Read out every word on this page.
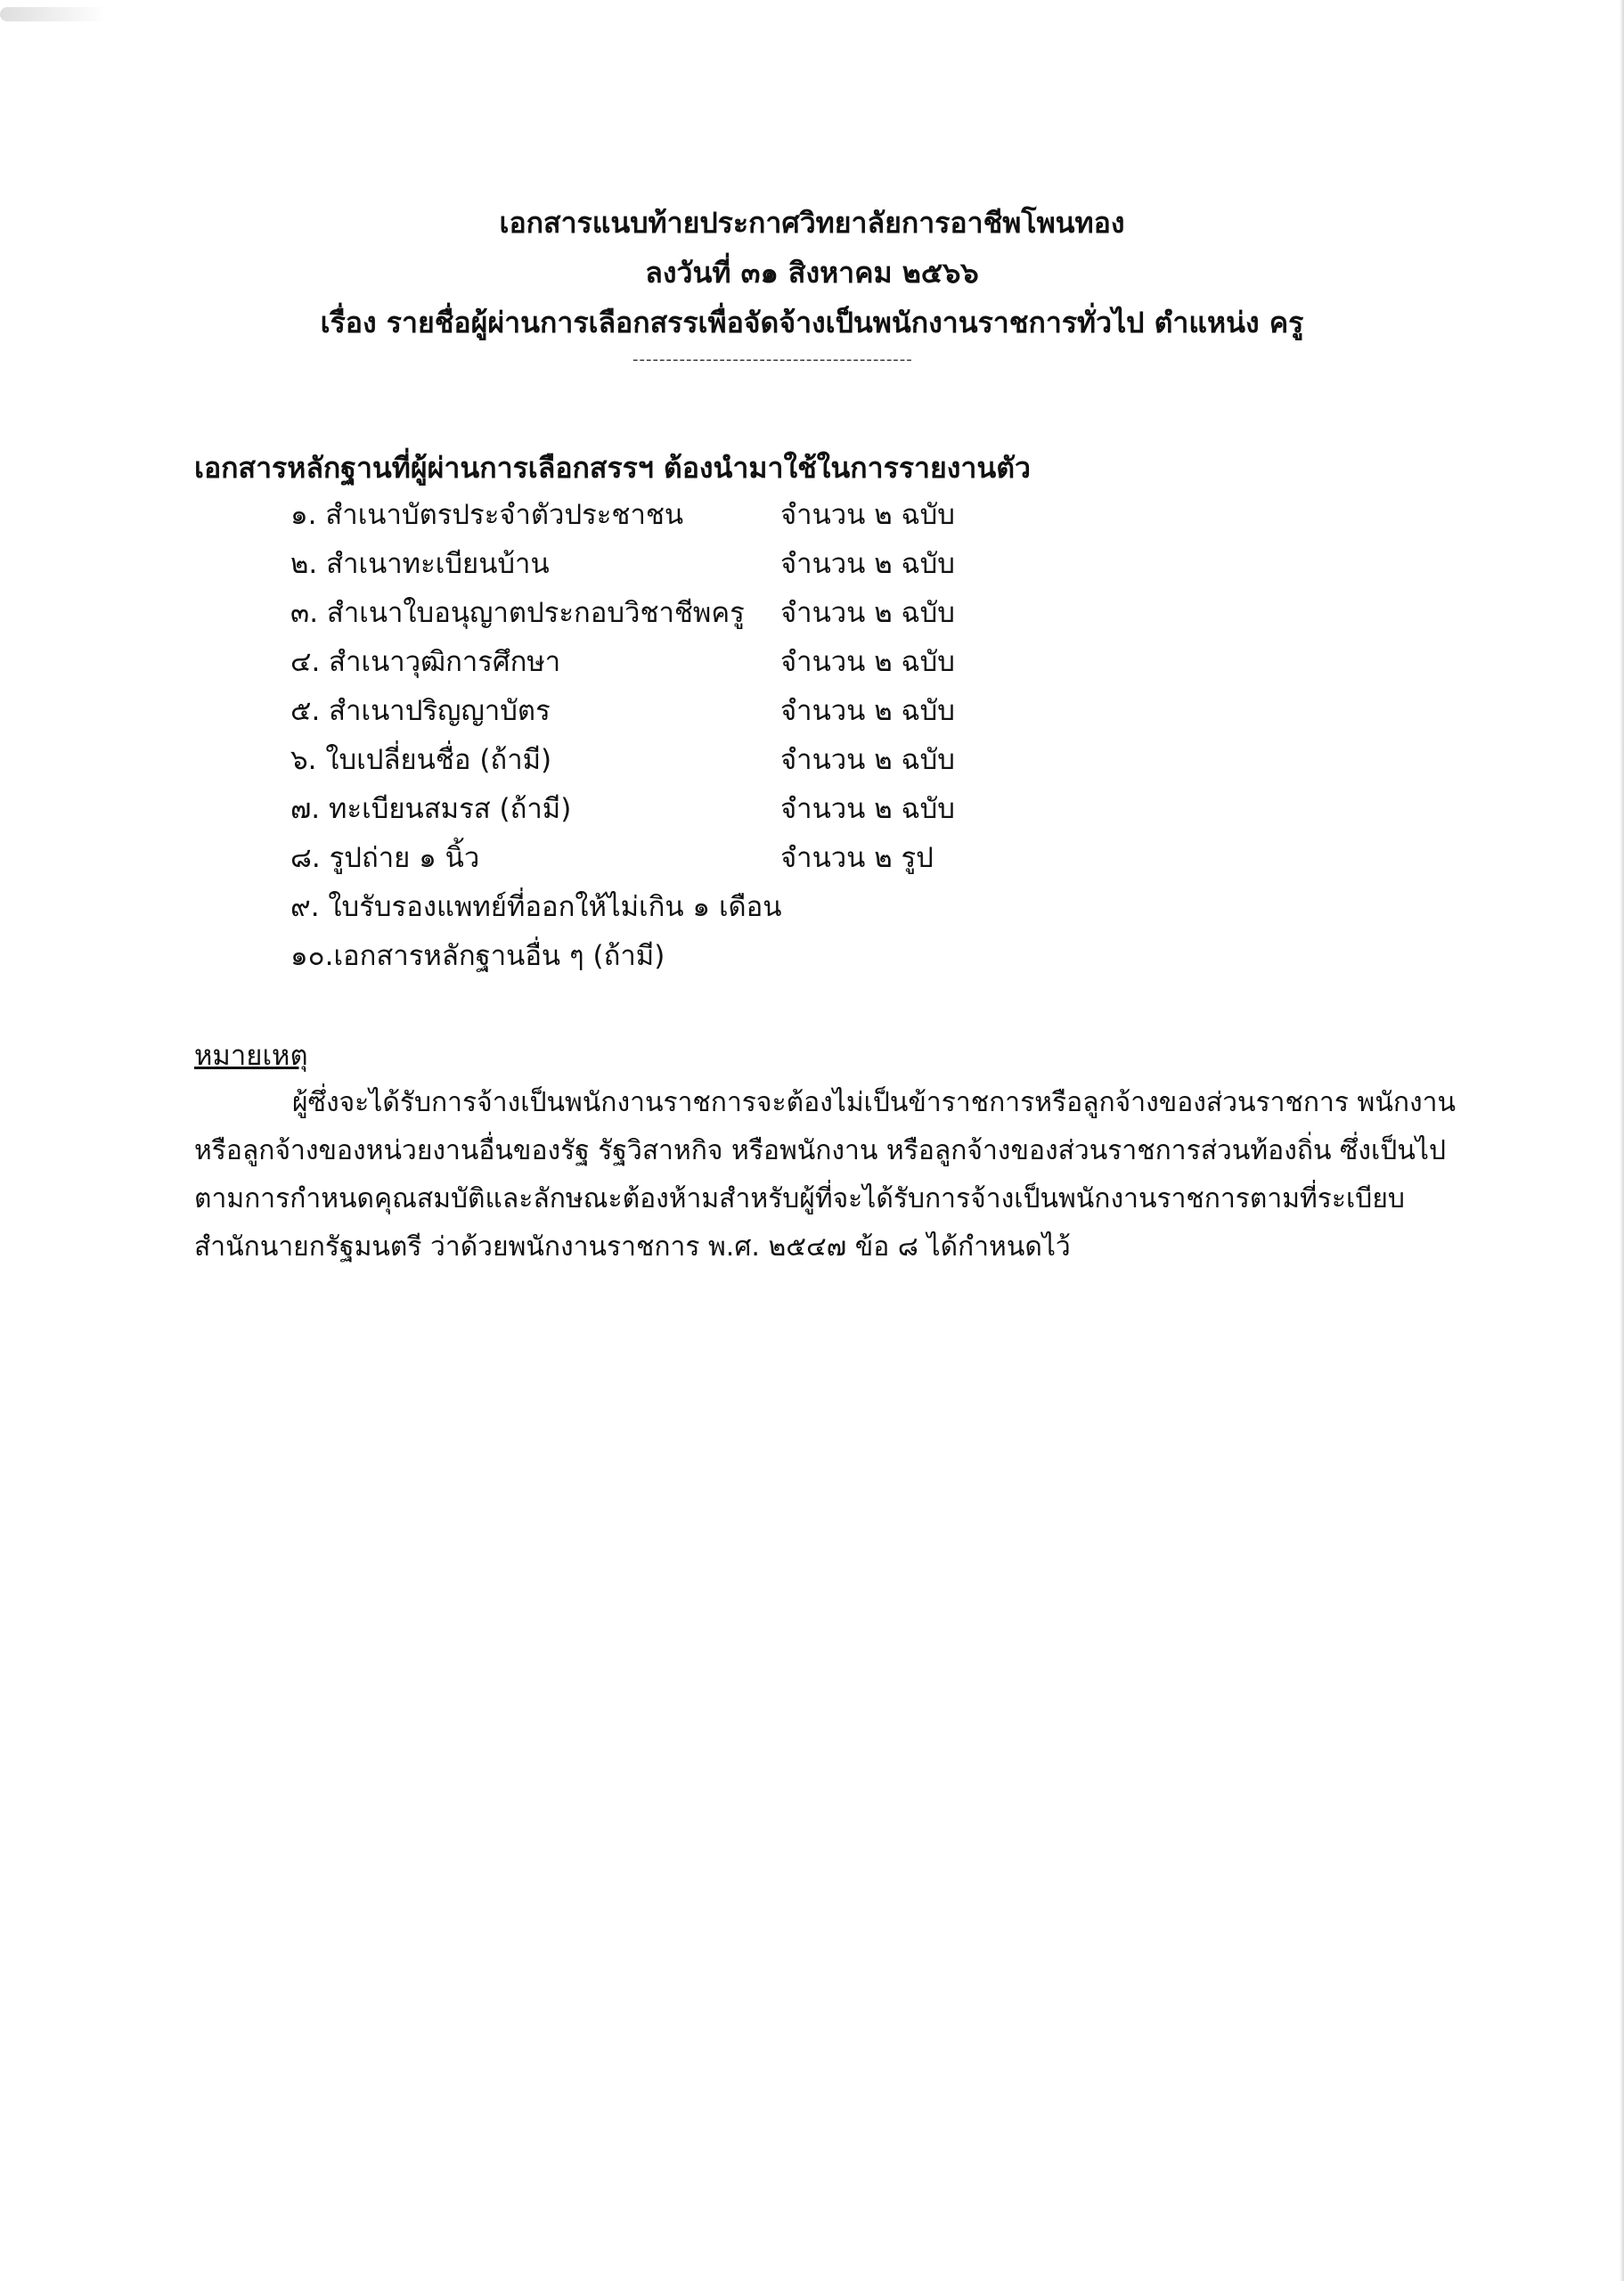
เอกสารแนบท้ายประกาศวิทยาลัยการอาชีพโพนทอง
ลงวันที่ ๓๑ สิงหาคม ๒๕๖๖
เรื่อง รายชื่อผู้ผ่านการเลือกสรรเพื่อจัดจ้างเป็นพนักงานราชการทั่วไป ตำแหน่ง ครู
------------------------------------------
เอกสารหลักฐานที่ผู้ผ่านการเลือกสรรฯ ต้องนำมาใช้ในการรายงานตัว
๑. สำเนาบัตรประจำตัวประชาชน	จำนวน ๒ ฉบับ
๒. สำเนาทะเบียนบ้าน	จำนวน ๒ ฉบับ
๓. สำเนาใบอนุญาตประกอบวิชาชีพครู จำนวน ๒ ฉบับ
๔. สำเนาวุฒิการศึกษา	จำนวน ๒ ฉบับ
๕. สำเนาปริญญาบัตร	จำนวน ๒ ฉบับ
๖. ใบเปลี่ยนชื่อ (ถ้ามี)	จำนวน ๒ ฉบับ
๗. ทะเบียนสมรส (ถ้ามี)	จำนวน ๒ ฉบับ
๘. รูปถ่าย ๑ นิ้ว	จำนวน ๒ รูป
๙. ใบรับรองแพทย์ที่ออกให้ไม่เกิน ๑ เดือน
๑๐.เอกสารหลักฐานอื่น ๆ (ถ้ามี)
หมายเหตุ
ผู้ซึ่งจะได้รับการจ้างเป็นพนักงานราชการจะต้องไม่เป็นข้าราชการหรือลูกจ้างของส่วนราชการ พนักงาน
หรือลูกจ้างของหน่วยงานอื่นของรัฐ รัฐวิสาหกิจ หรือพนักงาน หรือลูกจ้างของส่วนราชการส่วนท้องถิ่น ซึ่งเป็นไป
ตามการกำหนดคุณสมบัติและลักษณะต้องห้ามสำหรับผู้ที่จะได้รับการจ้างเป็นพนักงานราชการตามที่ระเบียบ
สำนักนายกรัฐมนตรี ว่าด้วยพนักงานราชการ พ.ศ. ๒๕๔๗ ข้อ ๘ ได้กำหนดไว้
